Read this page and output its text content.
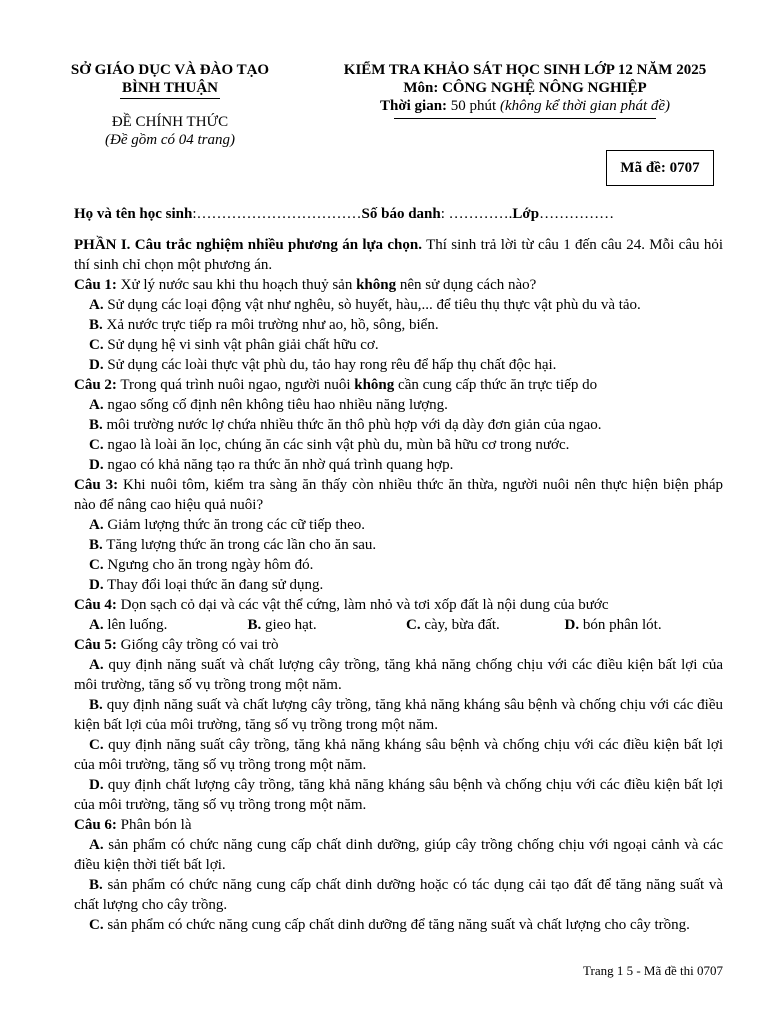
SỞ GIÁO DỤC VÀ ĐÀO TẠO
BÌNH THUẬN
ĐỀ CHÍNH THỨC
(Đề gồm có 04 trang)
KIỂM TRA KHẢO SÁT HỌC SINH LỚP 12 NĂM 2025
Môn: CÔNG NGHỆ NÔNG NGHIỆP
Thời gian: 50 phút (không kể thời gian phát đề)
Mã đề: 0707

Họ và tên học sinh:……………………………Số báo danh: ………….Lớp……………

PHẦN I. Câu trắc nghiệm nhiều phương án lựa chọn. Thí sinh trả lời từ câu 1 đến câu 24. Mỗi câu hỏi thí sinh chỉ chọn một phương án.

Câu 1: Xử lý nước sau khi thu hoạch thuỷ sản không nên sử dụng cách nào?

A. Sử dụng các loại động vật như nghêu, sò huyết, hàu,... để tiêu thụ thực vật phù du và tảo.

B. Xả nước trực tiếp ra môi trường như ao, hồ, sông, biển.

C. Sử dụng hệ vi sinh vật phân giải chất hữu cơ.

D. Sử dụng các loài thực vật phù du, tảo hay rong rêu để hấp thụ chất độc hại.

Câu 2: Trong quá trình nuôi ngao, người nuôi không cần cung cấp thức ăn trực tiếp do

A. ngao sống cố định nên không tiêu hao nhiều năng lượng.

B. môi trường nước lợ chứa nhiều thức ăn thô phù hợp với dạ dày đơn giản của ngao.

C. ngao là loài ăn lọc, chúng ăn các sinh vật phù du, mùn bã hữu cơ trong nước.

D. ngao có khả năng tạo ra thức ăn nhờ quá trình quang hợp.

Câu 3: Khi nuôi tôm, kiểm tra sàng ăn thấy còn nhiều thức ăn thừa, người nuôi nên thực hiện biện pháp nào để nâng cao hiệu quả nuôi?

A. Giảm lượng thức ăn trong các cữ tiếp theo.

B. Tăng lượng thức ăn trong các lần cho ăn sau.

C. Ngưng cho ăn trong ngày hôm đó.

D. Thay đổi loại thức ăn đang sử dụng.

Câu 4: Dọn sạch cỏ dại và các vật thể cứng, làm nhỏ và tơi xốp đất là nội dung của bước

A. lên luống.	B. gieo hạt.	C. cày, bừa đất.	D. bón phân lót.

Câu 5: Giống cây trồng có vai trò

A. quy định năng suất và chất lượng cây trồng, tăng khả năng chống chịu với các điều kiện bất lợi của môi trường, tăng số vụ trồng trong một năm.

B. quy định năng suất và chất lượng cây trồng, tăng khả năng kháng sâu bệnh và chống chịu với các điều kiện bất lợi của môi trường, tăng số vụ trồng trong một năm.

C. quy định năng suất cây trồng, tăng khả năng kháng sâu bệnh và chống chịu với các điều kiện bất lợi của môi trường, tăng số vụ trồng trong một năm.

D. quy định chất lượng cây trồng, tăng khả năng kháng sâu bệnh và chống chịu với các điều kiện bất lợi của môi trường, tăng số vụ trồng trong một năm.

Câu 6: Phân bón là

A. sản phẩm có chức năng cung cấp chất dinh dưỡng, giúp cây trồng chống chịu với ngoại cảnh và các điều kiện thời tiết bất lợi.

B. sản phẩm có chức năng cung cấp chất dinh dưỡng hoặc có tác dụng cải tạo đất để tăng năng suất và chất lượng cho cây trồng.

C. sản phẩm có chức năng cung cấp chất dinh dưỡng để tăng năng suất và chất lượng cho cây trồng.

Trang 1 5 - Mã đề thi 0707
